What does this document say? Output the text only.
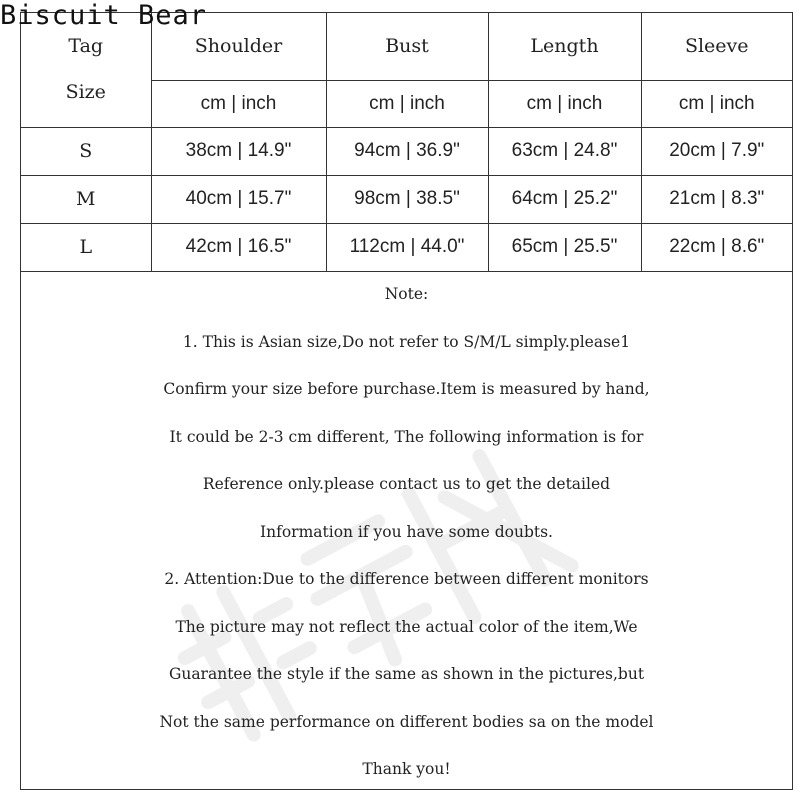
Biscuit Bear
Tag
Size	Shoulder	Bust	Length	Sleeve
	cm | inch	cm | inch	cm | inch	cm | inch
S	38cm | 14.9"	94cm | 36.9"	63cm | 24.8"	20cm | 7.9"
M	40cm | 15.7"	98cm | 38.5"	64cm | 25.2"	21cm | 8.3"
L	42cm | 16.5"	112cm | 44.0"	65cm | 25.5"	22cm | 8.6"
Note:
1. This is Asian size,Do not refer to S/M/L simply.please1
Confirm your size before purchase.Item is measured by hand,
It could be 2-3 cm different, The following information is for
Reference only.please contact us to get the detailed
Information if you have some doubts.
2. Attention:Due to the difference between different monitors
The picture may not reflect the actual color of the item,We
Guarantee the style if the same as shown in the pictures,but
Not the same performance on different bodies sa on the model
Thank you!
